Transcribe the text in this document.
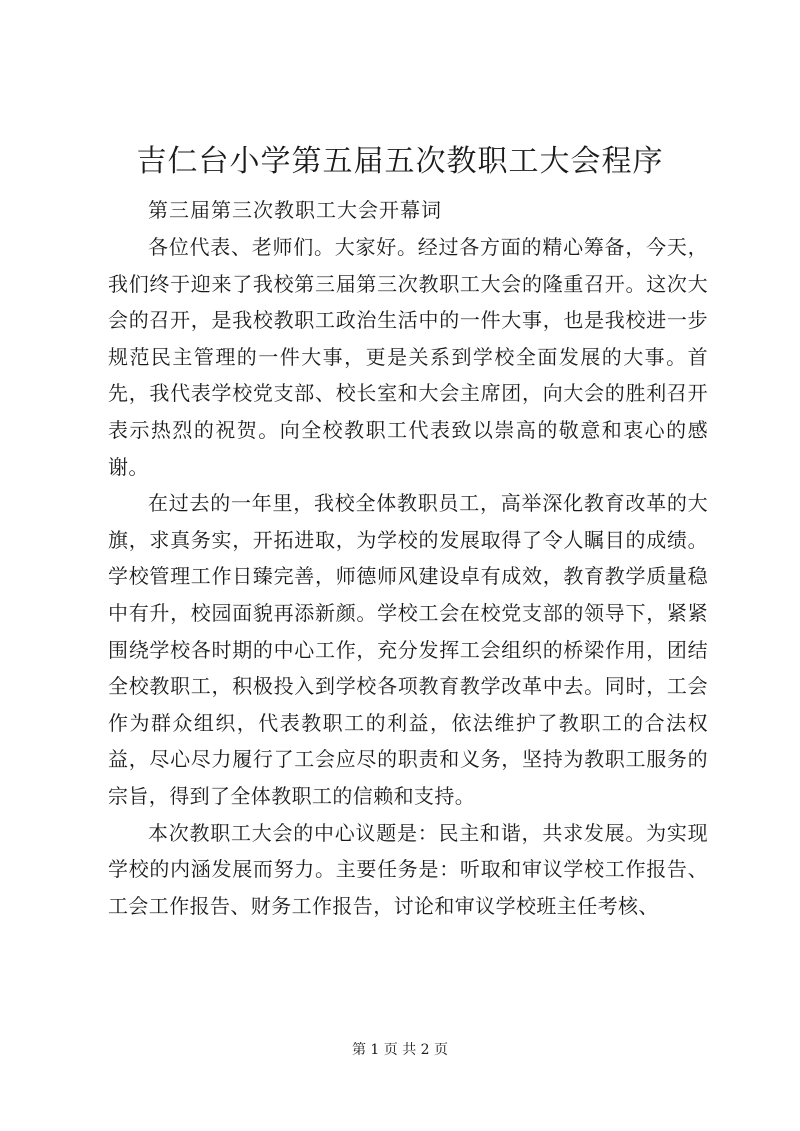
吉仁台小学第五届五次教职工大会程序

第三届第三次教职工大会开幕词

各位代表、老师们。大家好。经过各方面的精心筹备，今天，我们终于迎来了我校第三届第三次教职工大会的隆重召开。这次大会的召开，是我校教职工政治生活中的一件大事，也是我校进一步规范民主管理的一件大事，更是关系到学校全面发展的大事。首先，我代表学校党支部、校长室和大会主席团，向大会的胜利召开表示热烈的祝贺。向全校教职工代表致以崇高的敬意和衷心的感谢。

在过去的一年里，我校全体教职员工，高举深化教育改革的大旗，求真务实，开拓进取，为学校的发展取得了令人瞩目的成绩。学校管理工作日臻完善，师德师风建设卓有成效，教育教学质量稳中有升，校园面貌再添新颜。学校工会在校党支部的领导下，紧紧围绕学校各时期的中心工作，充分发挥工会组织的桥梁作用，团结全校教职工，积极投入到学校各项教育教学改革中去。同时，工会作为群众组织，代表教职工的利益，依法维护了教职工的合法权益，尽心尽力履行了工会应尽的职责和义务，坚持为教职工服务的宗旨，得到了全体教职工的信赖和支持。

本次教职工大会的中心议题是：民主和谐，共求发展。为实现学校的内涵发展而努力。主要任务是：听取和审议学校工作报告、工会工作报告、财务工作报告，讨论和审议学校班主任考核、

第 1 页 共 2 页
